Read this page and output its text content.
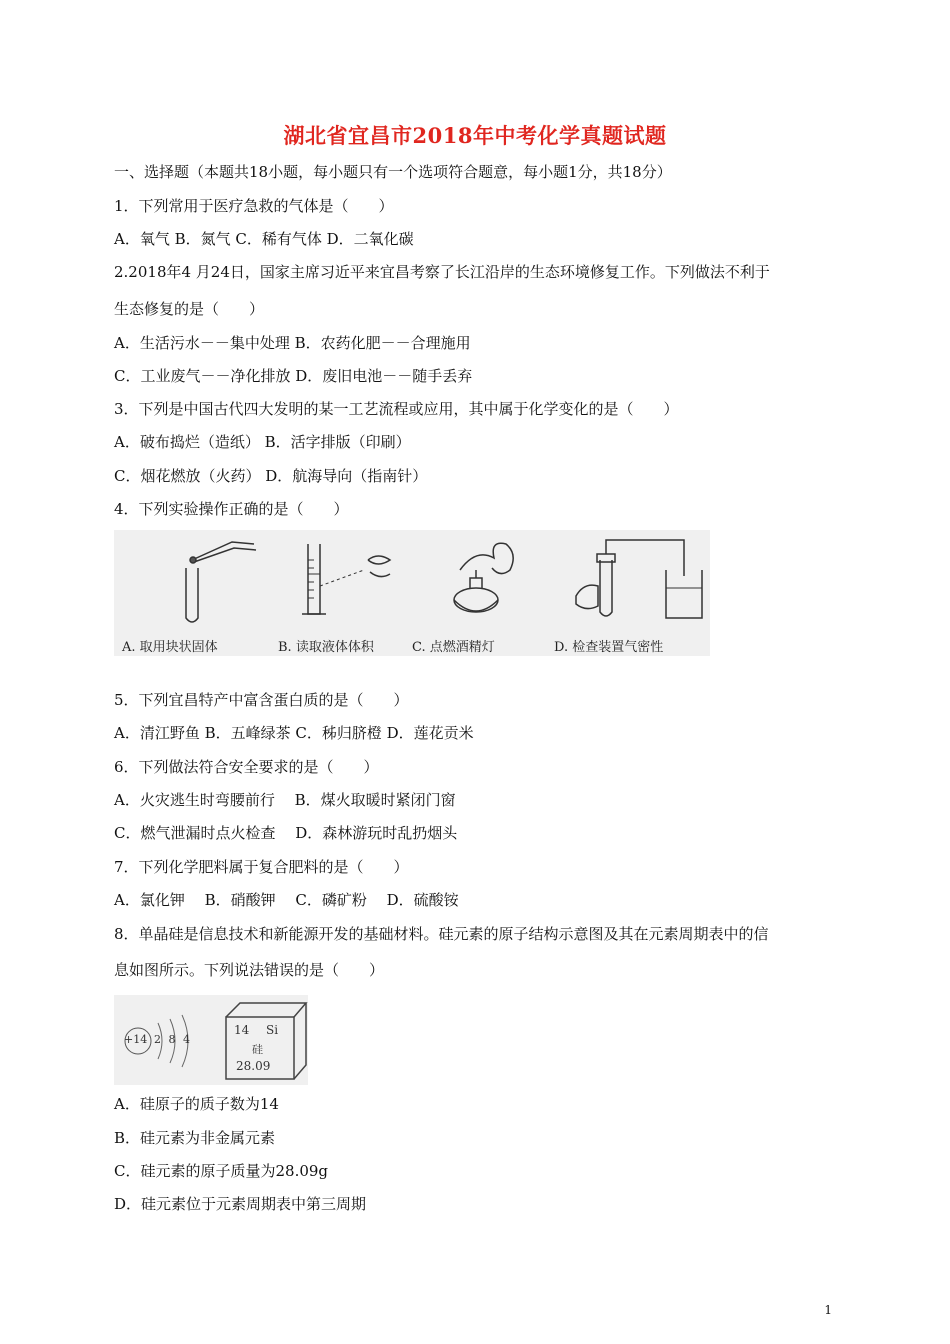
湖北省宜昌市2018年中考化学真题试题
一、选择题（本题共18小题，每小题只有一个选项符合题意，每小题1分，共18分）
1．下列常用于医疗急救的气体是（　　）
A．氧气 B．氮气 C．稀有气体 D．二氧化碳
2.2018年4 月24日，国家主席习近平来宜昌考察了长江沿岸的生态环境修复工作。下列做法不利于
生态修复的是（　　）
A．生活污水－－集中处理 B．农药化肥－－合理施用
C．工业废气－－净化排放 D．废旧电池－－随手丢弃
3．下列是中国古代四大发明的某一工艺流程或应用，其中属于化学变化的是（　　）
A．破布捣烂（造纸） B．活字排版（印刷）
C．烟花燃放（火药） D．航海导向（指南针）
4．下列实验操作正确的是（　　）
A. 取用块状固体	B. 读取液体体积	C. 点燃酒精灯	D. 检查装置气密性
5．下列宜昌特产中富含蛋白质的是（　　）
A．清江野鱼 B．五峰绿茶 C．秭归脐橙 D．莲花贡米
6．下列做法符合安全要求的是（　　）
A．火灾逃生时弯腰前行　 B．煤火取暖时紧闭门窗
C．燃气泄漏时点火检查　 D．森林游玩时乱扔烟头
7．下列化学肥料属于复合肥料的是（　　）
A．氯化钾　 B．硝酸钾　 C．磷矿粉　 D．硫酸铵
8．单晶硅是信息技术和新能源开发的基础材料。硅元素的原子结构示意图及其在元素周期表中的信
息如图所示。下列说法错误的是（　　）
+14 2 8 4
14 Si
硅
28.09
A．硅原子的质子数为14
B．硅元素为非金属元素
C．硅元素的原子质量为28.09g
D．硅元素位于元素周期表中第三周期
1
